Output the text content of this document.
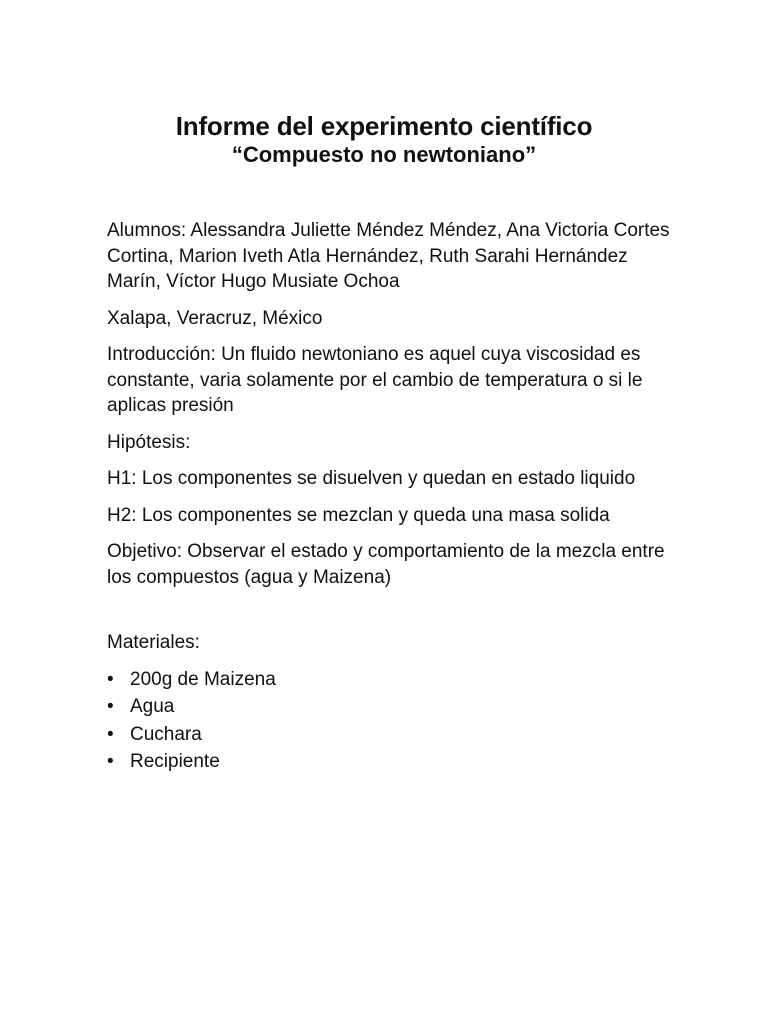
Informe del experimento científico
“Compuesto no newtoniano”

Alumnos: Alessandra Juliette Méndez Méndez, Ana Victoria Cortes Cortina, Marion Iveth Atla Hernández, Ruth Sarahi Hernández Marín, Víctor Hugo Musiate Ochoa

Xalapa, Veracruz, México

Introducción: Un fluido newtoniano es aquel cuya viscosidad es constante, varia solamente por el cambio de temperatura o si le aplicas presión

Hipótesis:

H1: Los componentes se disuelven y quedan en estado liquido

H2: Los componentes se mezclan y queda una masa solida

Objetivo: Observar el estado y comportamiento de la mezcla entre los compuestos (agua y Maizena)

Materiales:

• 200g de Maizena
• Agua
• Cuchara
• Recipiente
